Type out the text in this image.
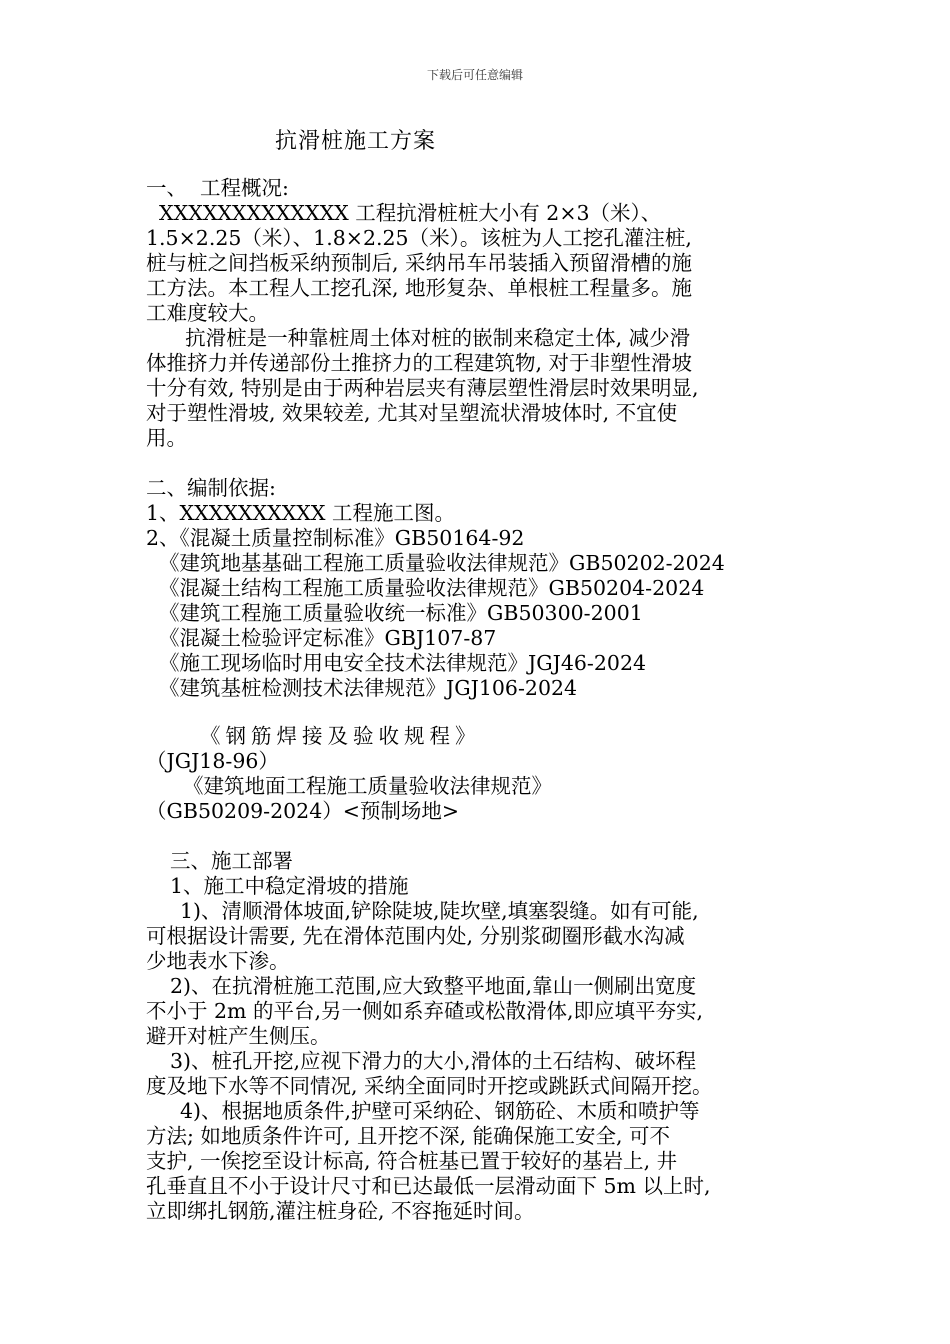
下载后可任意编辑
抗滑桩施工方案
一、  工程概况:
XXXXXXXXXXXXX 工程抗滑桩桩大小有 2×3（米）、
1.5×2.25（米）、1.8×2.25（米）。该桩为人工挖孔灌注桩,
桩与桩之间挡板采纳预制后, 采纳吊车吊装插入预留滑槽的施
工方法。本工程人工挖孔深, 地形复杂、单根桩工程量多。施
工难度较大。
抗滑桩是一种靠桩周土体对桩的嵌制来稳定土体, 减少滑
体推挤力并传递部份土推挤力的工程建筑物, 对于非塑性滑坡
十分有效, 特别是由于两种岩层夹有薄层塑性滑层时效果明显,
对于塑性滑坡, 效果较差, 尤其对呈塑流状滑坡体时, 不宜使
用。
二、编制依据:
1、XXXXXXXXXX 工程施工图。
2、《混凝土质量控制标准》GB50164-92
《建筑地基基础工程施工质量验收法律规范》GB50202-2024
《混凝土结构工程施工质量验收法律规范》GB50204-2024
《建筑工程施工质量验收统一标准》GB50300-2001
《混凝土检验评定标准》GBJ107-87
《施工现场临时用电安全技术法律规范》JGJ46-2024
《建筑基桩检测技术法律规范》JGJ106-2024
《钢筋焊接及验收规程》
（JGJ18-96）
《建筑地面工程施工质量验收法律规范》
（GB50209-2024）<预制场地>
三、施工部署
1、施工中稳定滑坡的措施
1)、清顺滑体坡面,铲除陡坡,陡坎壁,填塞裂缝。如有可能,
可根据设计需要, 先在滑体范围内处, 分别浆砌圈形截水沟减
少地表水下渗。
2)、在抗滑桩施工范围,应大致整平地面,靠山一侧刷出宽度
不小于 2m 的平台,另一侧如系弃碴或松散滑体,即应填平夯实,
避开对桩产生侧压。
3)、桩孔开挖,应视下滑力的大小,滑体的土石结构、破坏程
度及地下水等不同情况, 采纳全面同时开挖或跳跃式间隔开挖。
4)、根据地质条件,护壁可采纳砼、钢筋砼、木质和喷护等
方法; 如地质条件许可, 且开挖不深, 能确保施工安全, 可不
支护, 一俟挖至设计标高, 符合桩基已置于较好的基岩上, 井
孔垂直且不小于设计尺寸和已达最低一层滑动面下 5m 以上时,
立即绑扎钢筋,灌注桩身砼, 不容拖延时间。
